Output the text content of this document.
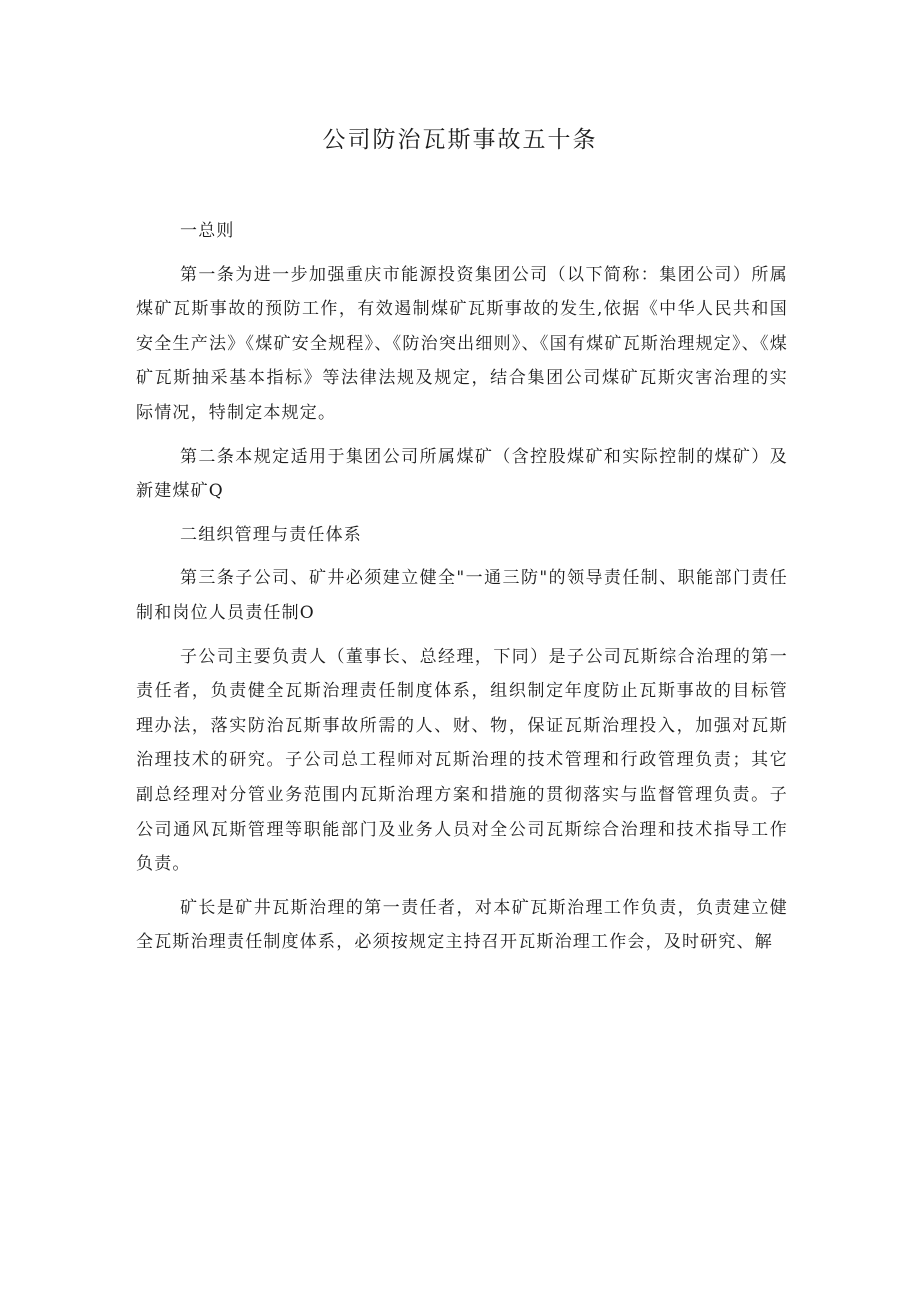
公司防治瓦斯事故五十条

一总则

第一条为进一步加强重庆市能源投资集团公司（以下简称：集团公司）所属煤矿瓦斯事故的预防工作，有效遏制煤矿瓦斯事故的发生,依据《中华人民共和国安全生产法》《煤矿安全规程》、《防治突出细则》、《国有煤矿瓦斯治理规定》、《煤矿瓦斯抽采基本指标》等法律法规及规定，结合集团公司煤矿瓦斯灾害治理的实际情况，特制定本规定。

第二条本规定适用于集团公司所属煤矿（含控股煤矿和实际控制的煤矿）及新建煤矿Q

二组织管理与责任体系

第三条子公司、矿井必须建立健全"一通三防"的领导责任制、职能部门责任制和岗位人员责任制O

子公司主要负责人（董事长、总经理，下同）是子公司瓦斯综合治理的第一责任者，负责健全瓦斯治理责任制度体系，组织制定年度防止瓦斯事故的目标管理办法，落实防治瓦斯事故所需的人、财、物，保证瓦斯治理投入，加强对瓦斯治理技术的研究。子公司总工程师对瓦斯治理的技术管理和行政管理负责；其它副总经理对分管业务范围内瓦斯治理方案和措施的贯彻落实与监督管理负责。子公司通风瓦斯管理等职能部门及业务人员对全公司瓦斯综合治理和技术指导工作负责。

矿长是矿井瓦斯治理的第一责任者，对本矿瓦斯治理工作负责，负责建立健全瓦斯治理责任制度体系，必须按规定主持召开瓦斯治理工作会，及时研究、解
